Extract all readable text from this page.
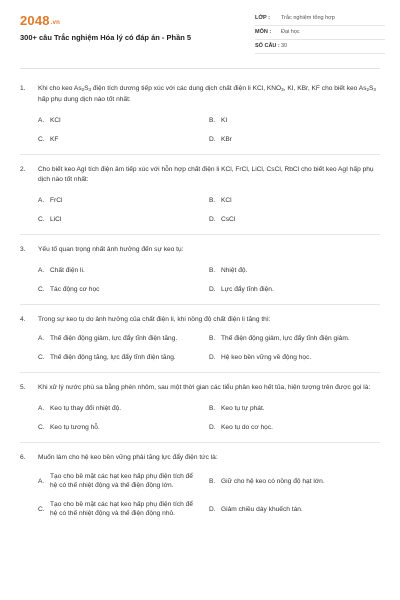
2048.vn
300+ câu Trắc nghiệm Hóa lý có đáp án - Phần 5
LỚP :	Trắc nghiệm tổng hợp
MÔN :	Đại học
SỐ CÂU : 30
1.	Khi cho keo $As_2S_3$ điện tích dương tiếp xúc với các dung dịch chất điện li KCl, $KNO_3$, KI, KBr, KF cho biết keo $As_2S_3$ hấp phụ dung dịch nào tốt nhất:
A. KCl	B. KI
C. KF	D. KBr
2.	Cho biết keo AgI tích điện âm tiếp xúc với hỗn hợp chất điện li KCl, FrCl, LiCl, CsCl, RbCl cho biết keo AgI hấp phụ dịch nào tốt nhất:
A. FrCl	B. KCl
C. LiCl	D. CsCl
3.	Yếu tố quan trọng nhất ảnh hưởng đến sự keo tụ:
A. Chất điện li.	B. Nhiệt độ.
C. Tác động cơ học	D. Lực đẩy tĩnh điện.
4.	Trong sự keo tụ do ảnh hưởng của chất điện li, khi nồng độ chất điện li tăng thì:
A. Thế điện động giảm, lực đẩy tĩnh điện tăng.	B. Thế điện động giảm, lực đẩy tĩnh điện giảm.
C. Thế điện động tăng, lực đẩy tĩnh điện tăng.	D. Hệ keo bền vững về động học.
5.	Khi xử lý nước phù sa bằng phèn nhôm, sau một thời gian các tiểu phân keo hết tủa, hiện tượng trên được gọi là:
A. Keo tụ thay đổi nhiệt độ.	B. Keo tụ tự phát.
C. Keo tụ tương hỗ.	D. Keo tụ do cơ học.
6.	Muốn làm cho hệ keo bền vững phải tăng lực đẩy điện tức là:
A.
Tạo cho bề mặt các hạt keo hấp phụ điện tích để hệ có thế nhiệt động và thế điện động lớn.
B. Giữ cho hệ keo có nồng độ hạt lớn.
C.
Tạo cho bề mặt các hạt keo hấp phụ điện tích để hệ có thế nhiệt động và thế điện động nhỏ.
D. Giảm chiều dày khuếch tán.
